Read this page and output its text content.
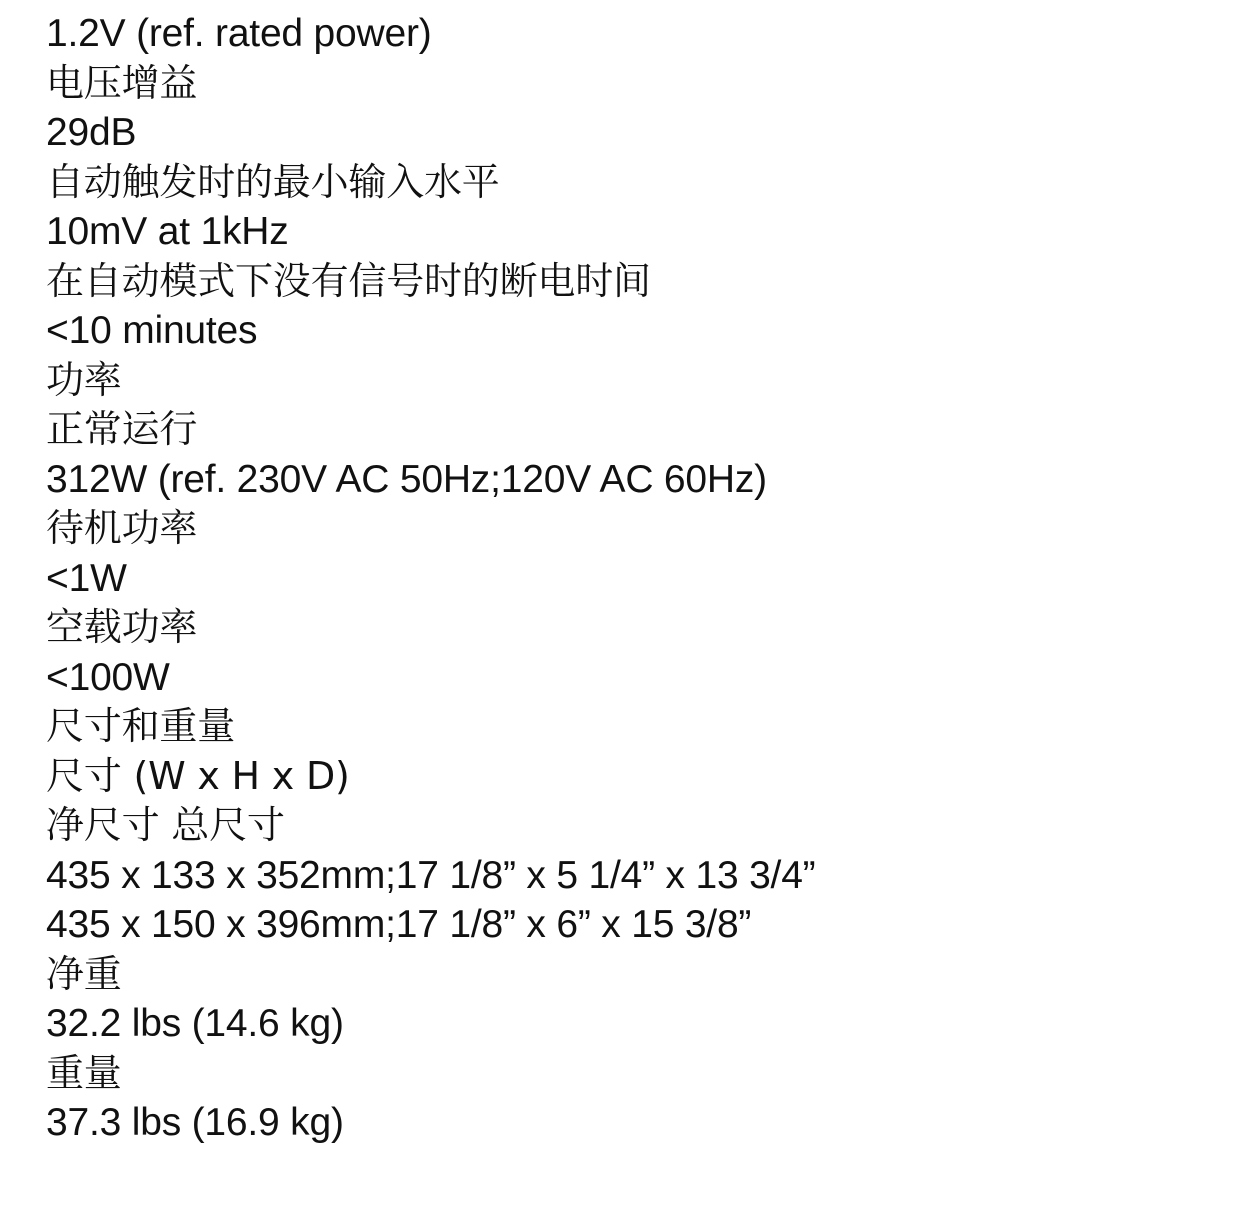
1.2V (ref. rated power)
电压增益
29dB
自动触发时的最小输入水平
10mV at 1kHz
在自动模式下没有信号时的断电时间
<10 minutes
功率
正常运行
312W (ref. 230V AC 50Hz;120V AC 60Hz)
待机功率
<1W
空载功率
<100W
尺寸和重量
尺寸 (W x H x D)
净尺寸 总尺寸
435 x 133 x 352mm;17 1/8” x 5 1/4” x 13 3/4”
435 x 150 x 396mm;17 1/8” x 6” x 15 3/8”
净重
32.2 lbs (14.6 kg)
重量
37.3 lbs (16.9 kg)
